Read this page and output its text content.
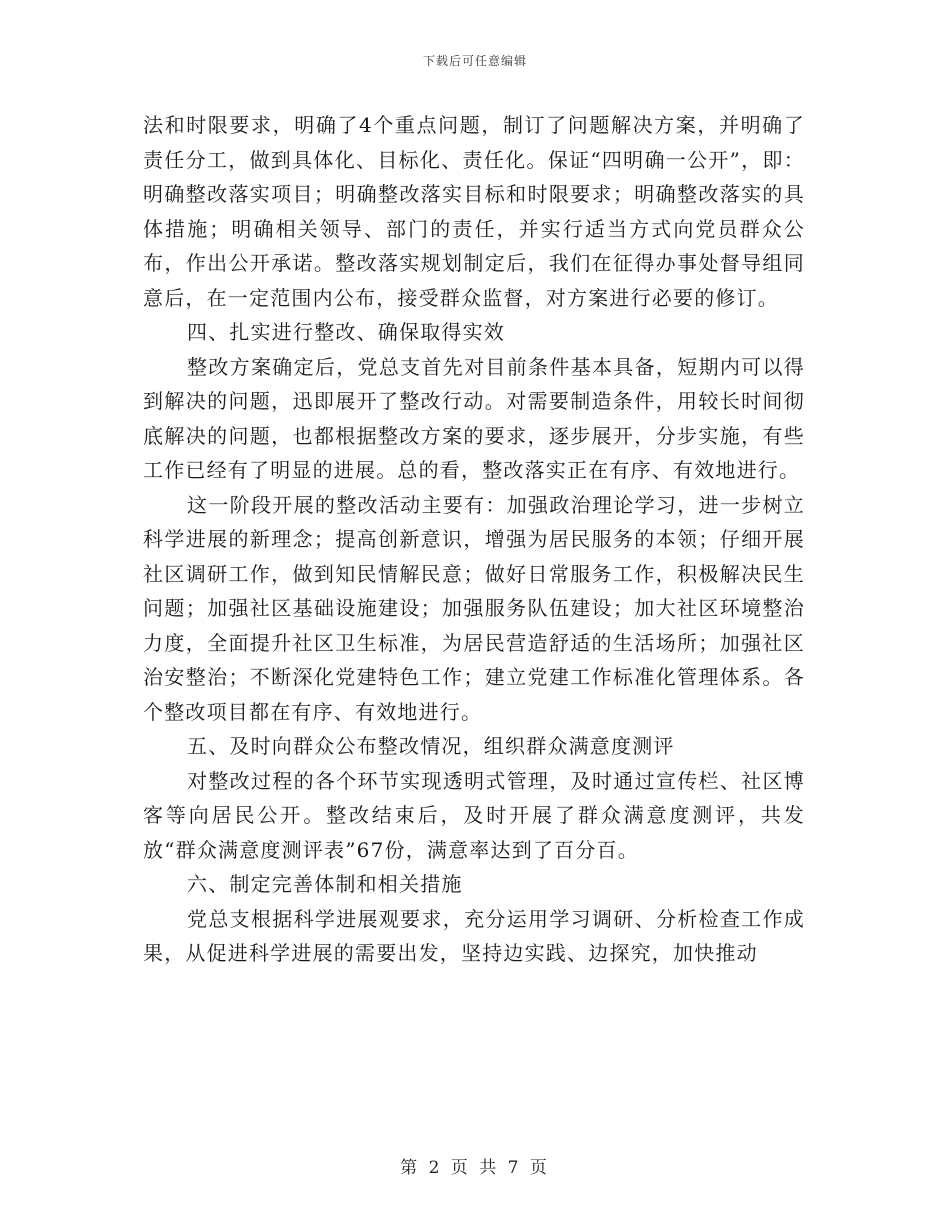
下载后可任意编辑

法和时限要求，明确了4个重点问题，制订了问题解决方案，并明确了责任分工，做到具体化、目标化、责任化。保证“四明确一公开”，即：明确整改落实项目；明确整改落实目标和时限要求；明确整改落实的具体措施；明确相关领导、部门的责任，并实行适当方式向党员群众公布，作出公开承诺。整改落实规划制定后，我们在征得办事处督导组同意后，在一定范围内公布，接受群众监督，对方案进行必要的修订。

四、扎实进行整改、确保取得实效

整改方案确定后，党总支首先对目前条件基本具备，短期内可以得到解决的问题，迅即展开了整改行动。对需要制造条件，用较长时间彻底解决的问题，也都根据整改方案的要求，逐步展开，分步实施，有些工作已经有了明显的进展。总的看，整改落实正在有序、有效地进行。

这一阶段开展的整改活动主要有：加强政治理论学习，进一步树立科学进展的新理念；提高创新意识，增强为居民服务的本领；仔细开展社区调研工作，做到知民情解民意；做好日常服务工作，积极解决民生问题；加强社区基础设施建设；加强服务队伍建设；加大社区环境整治力度，全面提升社区卫生标准，为居民营造舒适的生活场所；加强社区治安整治；不断深化党建特色工作；建立党建工作标准化管理体系。各个整改项目都在有序、有效地进行。

五、及时向群众公布整改情况，组织群众满意度测评

对整改过程的各个环节实现透明式管理，及时通过宣传栏、社区博客等向居民公开。整改结束后，及时开展了群众满意度测评，共发放“群众满意度测评表”67份，满意率达到了百分百。

六、制定完善体制和相关措施

党总支根据科学进展观要求，充分运用学习调研、分析检查工作成果，从促进科学进展的需要出发，坚持边实践、边探究，加快推动

第 2 页 共 7 页
